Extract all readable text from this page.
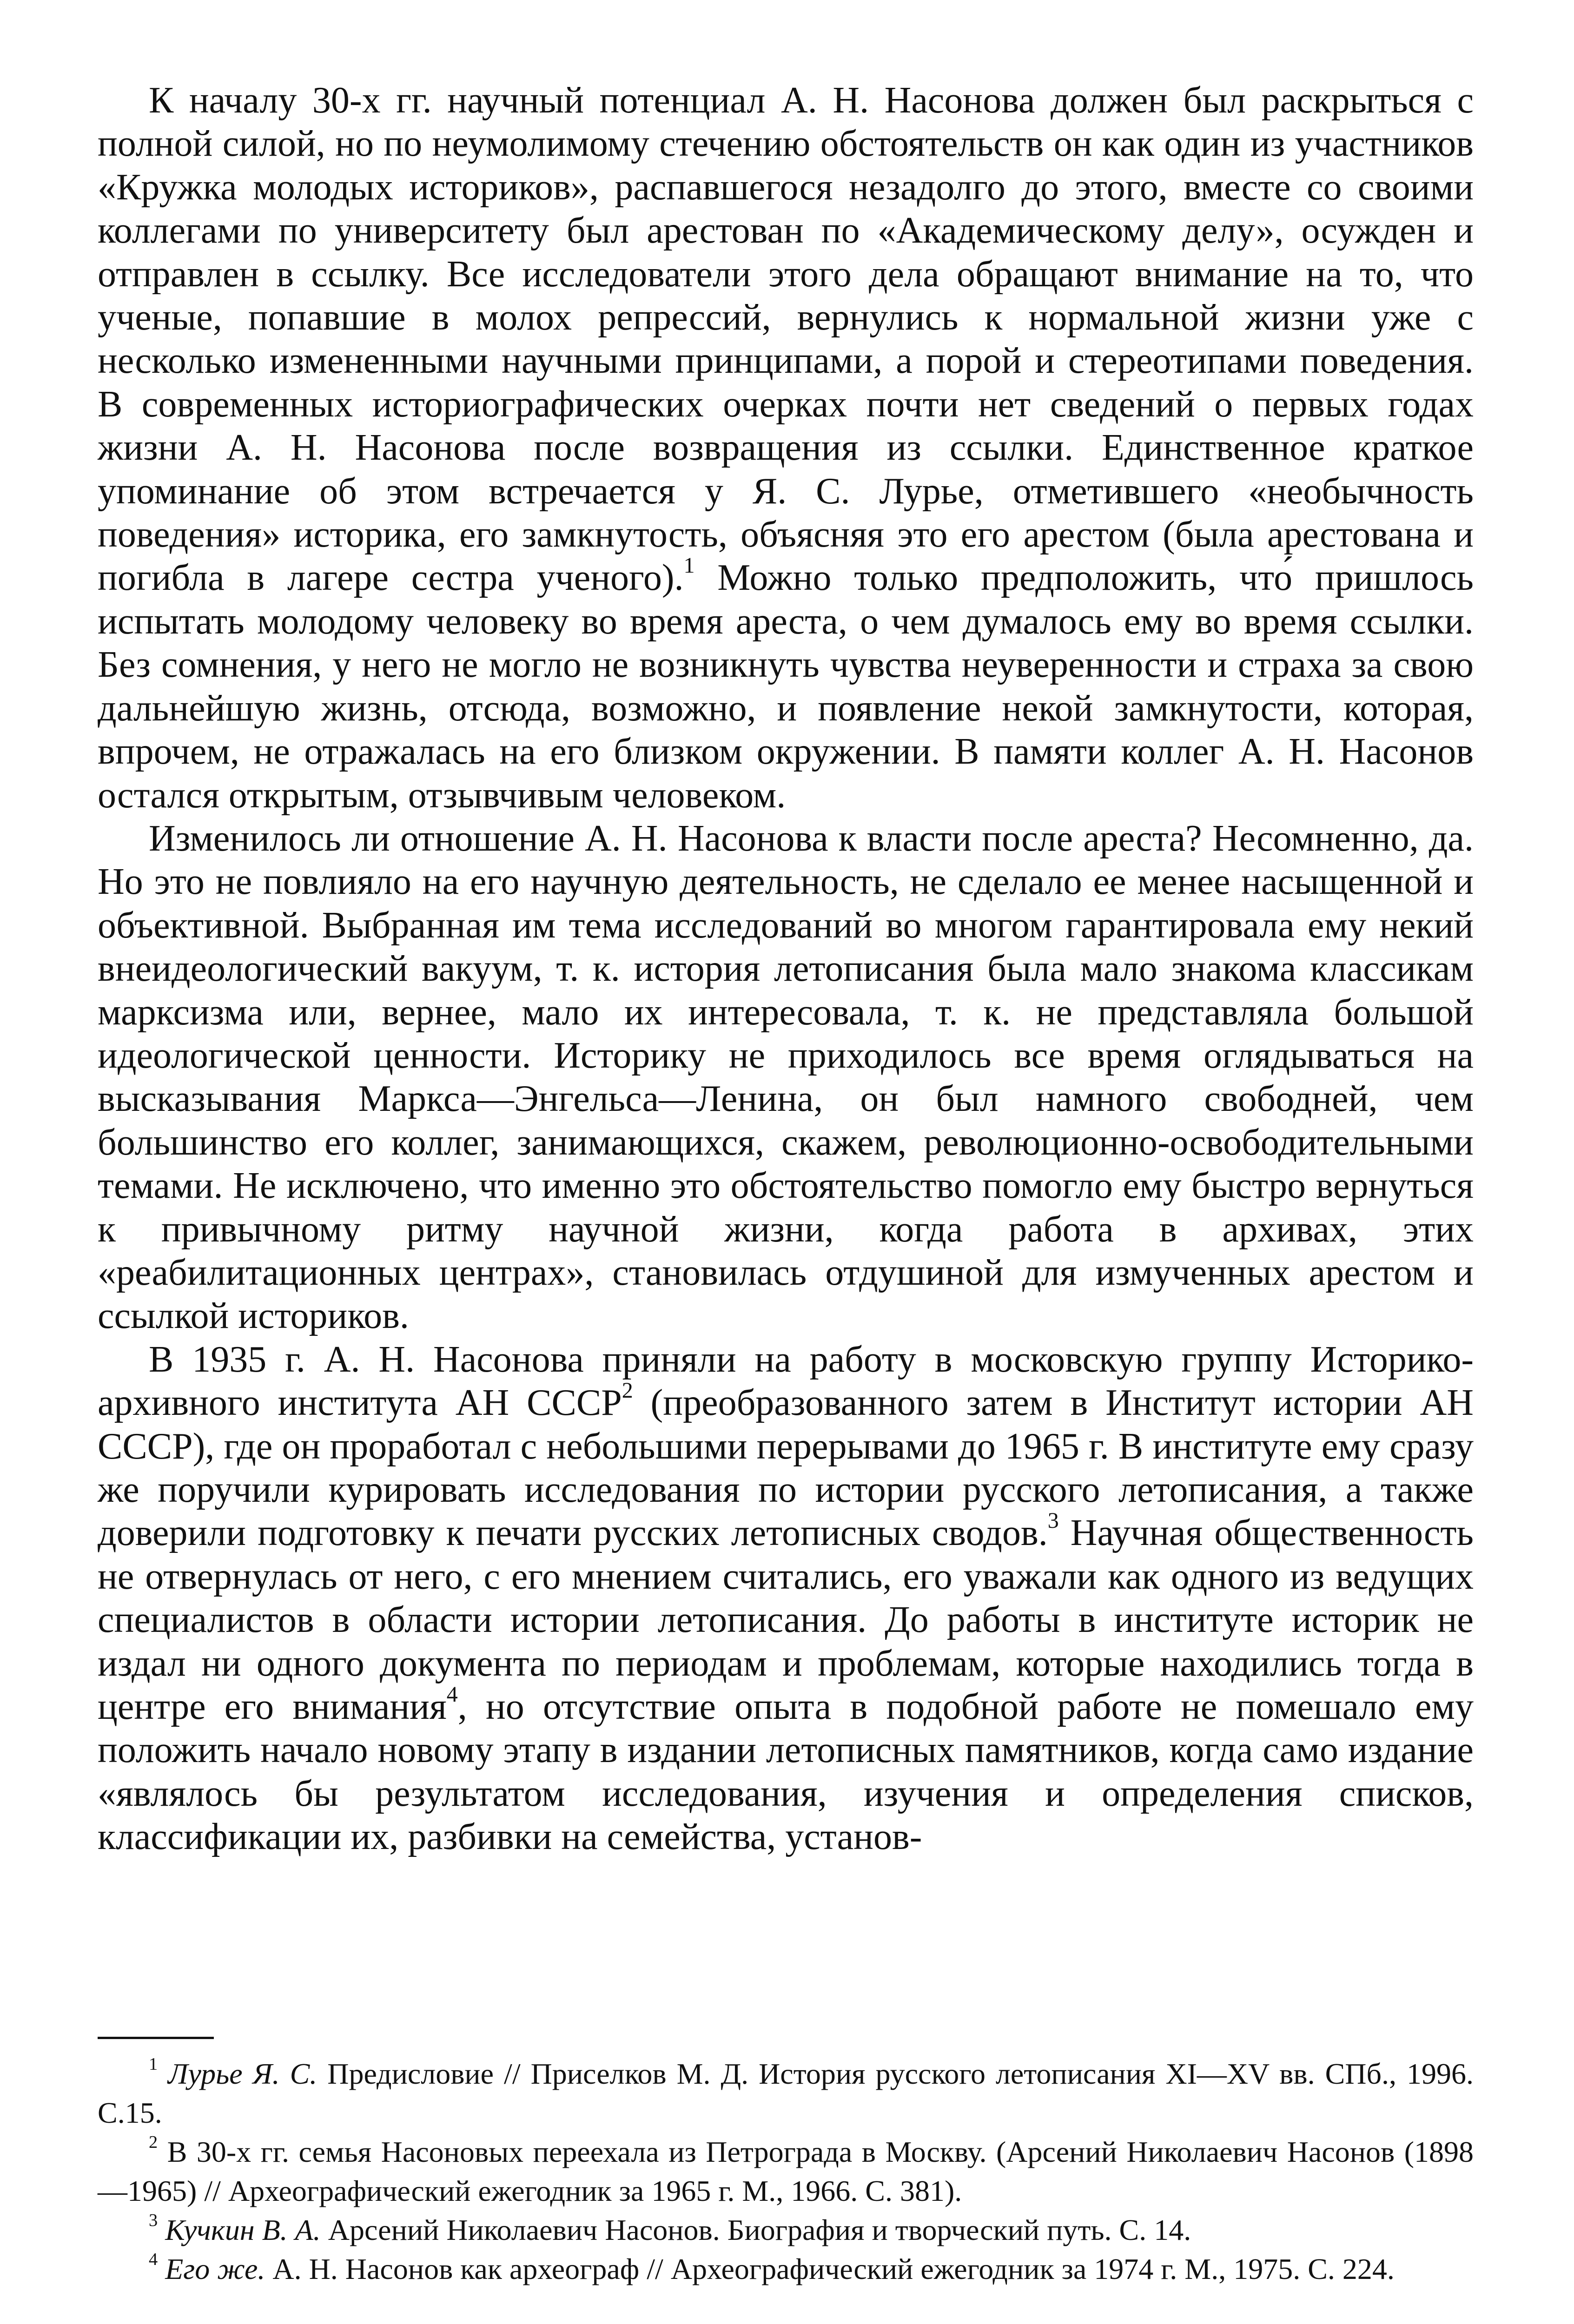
К началу 30-х гг. научный потенциал А. Н. Насонова должен был раскрыться с полной силой, но по неумолимому стечению обстоятельств он как один из участников «Кружка молодых историков», распавшегося незадолго до этого, вместе со своими коллегами по университету был арестован по «Академическому делу», осужден и отправлен в ссылку. Все исследователи этого дела обращают внимание на то, что ученые, попавшие в молох репрессий, вернулись к нормальной жизни уже с несколько измененными научными принципами, а порой и стереотипами поведения. В современных историографических очерках почти нет сведений о первых годах жизни А. Н. Насонова после возвращения из ссылки. Единственное краткое упоминание об этом встречается у Я. С. Лурье, отметившего «необычность поведения» историка, его замкнутость, объясняя это его арестом (была арестована и погибла в лагере сестра ученого).$^1$ Можно только предположить, что́ пришлось испытать молодому человеку во время ареста, о чем думалось ему во время ссылки. Без сомнения, у него не могло не возникнуть чувства неуверенности и страха за свою дальнейшую жизнь, отсюда, возможно, и появление некой замкнутости, которая, впрочем, не отражалась на его близком окружении. В памяти коллег А. Н. Насонов остался открытым, отзывчивым человеком.

Изменилось ли отношение А. Н. Насонова к власти после ареста? Несомненно, да. Но это не повлияло на его научную деятельность, не сделало ее менее насыщенной и объективной. Выбранная им тема исследований во многом гарантировала ему некий внеидеологический вакуум, т. к. история летописания была мало знакома классикам марксизма или, вернее, мало их интересовала, т. к. не представляла большой идеологической ценности. Историку не приходилось все время оглядываться на высказывания Маркса—Энгельса—Ленина, он был намного свободней, чем большинство его коллег, занимающихся, скажем, революционно-освободительными темами. Не исключено, что именно это обстоятельство помогло ему быстро вернуться к привычному ритму научной жизни, когда работа в архивах, этих «реабилитационных центрах», становилась отдушиной для измученных арестом и ссылкой историков.

В 1935 г. А. Н. Насонова приняли на работу в московскую группу Историко-архивного института АН СССР$^2$ (преобразованного затем в Институт истории АН СССР), где он проработал с небольшими перерывами до 1965 г. В институте ему сразу же поручили курировать исследования по истории русского летописания, а также доверили подготовку к печати русских летописных сводов.$^3$ Научная общественность не отвернулась от него, с его мнением считались, его уважали как одного из ведущих специалистов в области истории летописания. До работы в институте историк не издал ни одного документа по периодам и проблемам, которые находились тогда в центре его внимания$^4$, но отсутствие опыта в подобной работе не помешало ему положить начало новому этапу в издании летописных памятников, когда само издание «являлось бы результатом исследования, изучения и определения списков, классификации их, разбивки на семейства, установ-

$^1$ Лурье Я. С. Предисловие // Приселков М. Д. История русского летописания XI—XV вв. СПб., 1996. С.15.

$^2$ В 30-х гг. семья Насоновых переехала из Петрограда в Москву. (Арсений Николаевич Насонов (1898—1965) // Археографический ежегодник за 1965 г. М., 1966. С. 381).

$^3$ Кучкин В. А. Арсений Николаевич Насонов. Биография и творческий путь. С. 14.

$^4$ Его же. А. Н. Насонов как археограф // Археографический ежегодник за 1974 г. М., 1975. С. 224.
